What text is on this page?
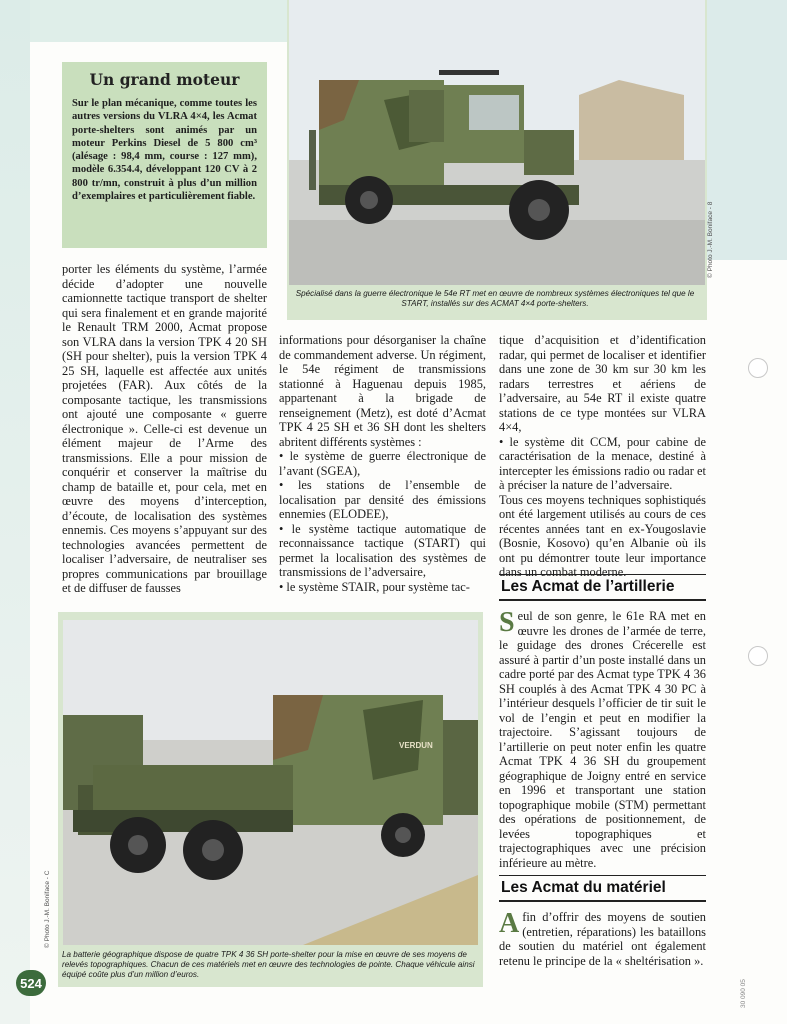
Un grand moteur
Sur le plan mécanique, comme toutes les autres versions du VLRA 4×4, les Acmat porte-shelters sont animés par un moteur Perkins Diesel de 5 800 cm³ (alésage : 98,4 mm, course : 127 mm), modèle 6.354.4, développant 120 CV à 2 800 tr/mn, construit à plus d’un million d’exemplaires et particulièrement fiable.
Spécialisé dans la guerre électronique le 54e RT met en œuvre de nombreux systèmes électroniques tel que le START, installés sur des ACMAT 4×4 porte-shelters.
© Photo J.-M. Boniface - 8

porter les éléments du système, l’armée décide d’adopter une nouvelle camionnette tactique transport de shelter qui sera finalement et en grande majorité le Renault TRM 2000, Acmat propose son VLRA dans la version TPK 4 20 SH (SH pour shelter), puis la version TPK 4 25 SH, laquelle est affectée aux unités projetées (FAR). Aux côtés de la composante tactique, les transmissions ont ajouté une composante « guerre électronique ». Celle-ci est devenue un élément majeur de l’Arme des transmissions. Elle a pour mission de conquérir et conserver la maîtrise du champ de bataille et, pour cela, met en œuvre des moyens d’interception, d’écoute, de localisation des systèmes ennemis. Ces moyens s’appuyant sur des technologies avancées permettent de localiser l’adversaire, de neutraliser ses propres communications par brouillage et de diffuser de fausses

informations pour désorganiser la chaîne de commandement adverse. Un régiment, le 54e régiment de transmissions stationné à Haguenau depuis 1985, appartenant à la brigade de renseignement (Metz), est doté d’Acmat TPK 4 25 SH et 36 SH dont les shelters abritent différents systèmes :

• le système de guerre électronique de l’avant (SGEA),

• les stations de l’ensemble de localisation par densité des émissions ennemies (ELODEE),

• le système tactique automatique de reconnaissance tactique (START) qui permet la localisation des systèmes de transmissions de l’adversaire,

• le système STAIR, pour système tac-

tique d’acquisition et d’identification radar, qui permet de localiser et identifier dans une zone de 30 km sur 30 km les radars terrestres et aériens de l’adversaire, au 54e RT il existe quatre stations de ce type montées sur VLRA 4×4,

• le système dit CCM, pour cabine de caractérisation de la menace, destiné à intercepter les émissions radio ou radar et à préciser la nature de l’adversaire.

Tous ces moyens techniques sophistiqués ont été largement utilisés au cours de ces récentes années tant en ex-Yougoslavie (Bosnie, Kosovo) qu’en Albanie où ils ont pu démontrer toute leur importance dans un combat moderne.

Les Acmat de l’artillerie
S eul de son genre, le 61e RA met en œuvre les drones de l’armée de terre, le guidage des drones Crécerelle est assuré à partir d’un poste installé dans un cadre porté par des Acmat type TPK 4 36 SH couplés à des Acmat TPK 4 30 PC à l’intérieur desquels l’officier de tir suit le vol de l’engin et peut en modifier la trajectoire. S’agissant toujours de l’artillerie on peut noter enfin les quatre Acmat TPK 4 36 SH du groupement géographique de Joigny entré en service en 1996 et transportant une station topographique mobile (STM) permettant des opérations de positionnement, de levées topographiques et trajectographiques avec une précision inférieure au mètre.
Les Acmat du matériel
A fin d’offrir des moyens de soutien (entretien, réparations) les bataillons de soutien du matériel ont également retenu le principe de la « sheltérisation ».
VERDUN
La batterie géographique dispose de quatre TPK 4 36 SH porte-shelter pour la mise en œuvre de ses moyens de relevés topographiques. Chacun de ces matériels met en œuvre des technologies de pointe. Chaque véhicule ainsi équipé coûte plus d’un million d’euros.
© Photo J.-M. Boniface - C
524	30 090 05
